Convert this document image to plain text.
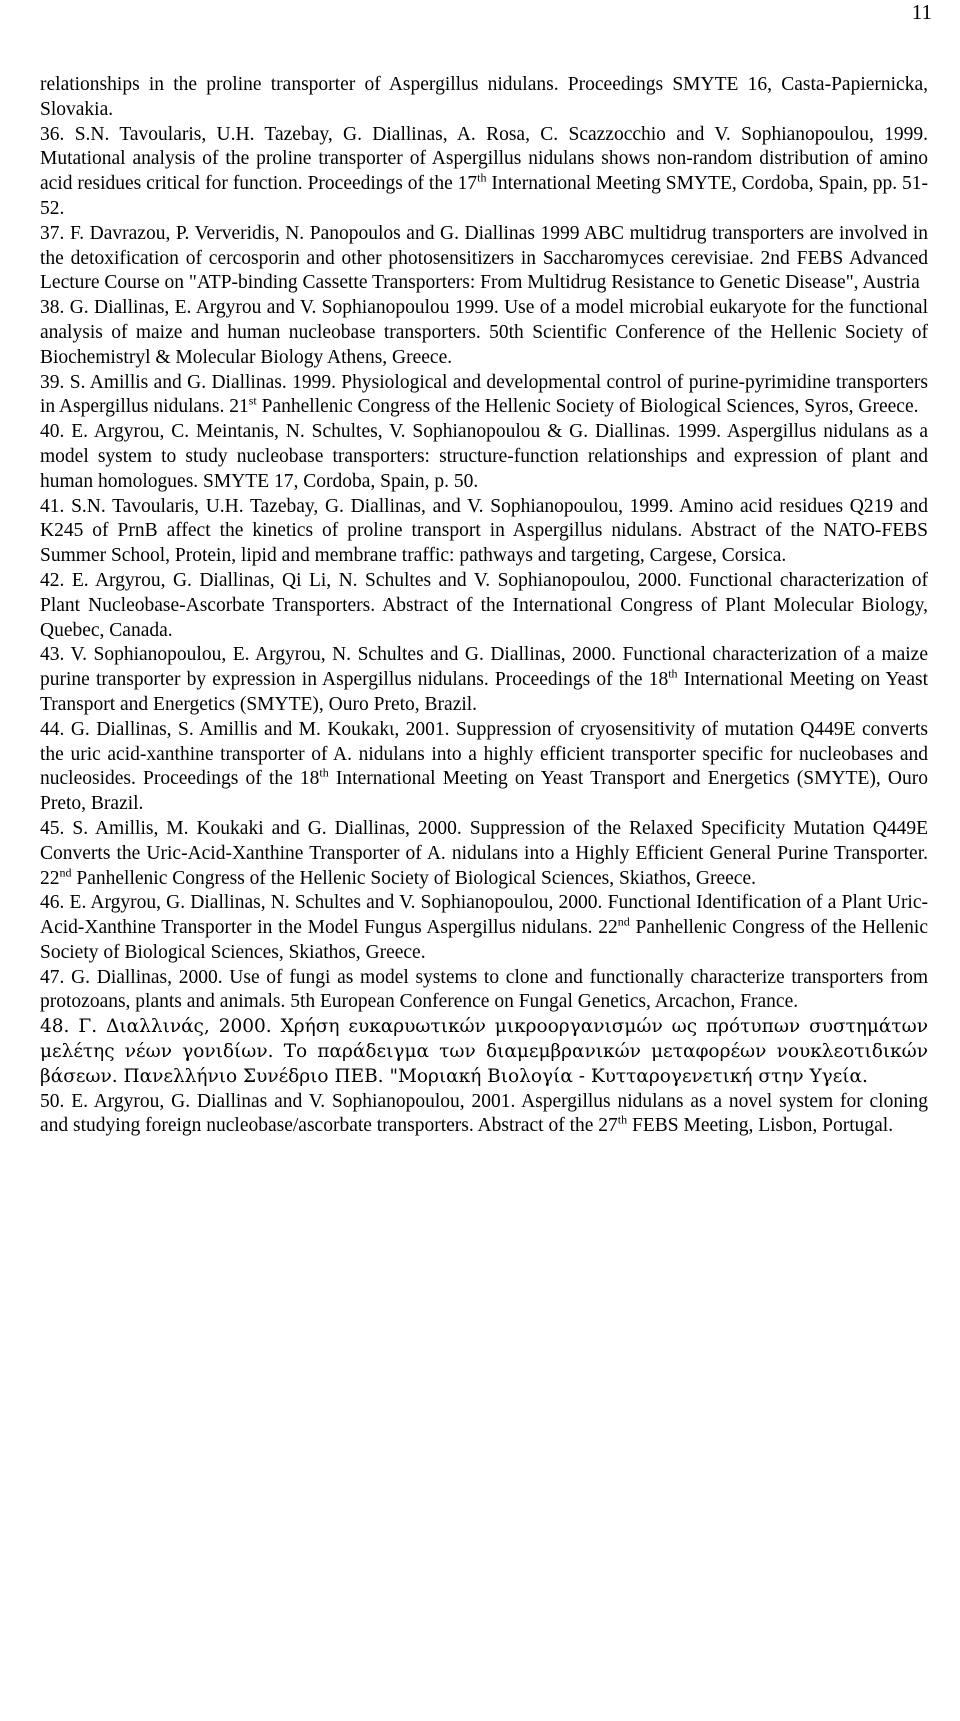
11

relationships in the proline transporter of Aspergillus nidulans. Proceedings SMYTE 16, Casta-Papiernicka, Slovakia.

36. S.N. Tavoularis, U.H. Tazebay, G. Diallinas, A. Rosa, C. Scazzocchio and V. Sophianopoulou, 1999. Mutational analysis of the proline transporter of Aspergillus nidulans shows non-random distribution of amino acid residues critical for function. Proceedings of the 17th International Meeting SMYTE, Cordoba, Spain, pp. 51-52.

37. F. Davrazou, P. Ververidis, N. Panopoulos and G. Diallinas 1999 ABC multidrug transporters are involved in the detoxification of cercosporin and other photosensitizers in Saccharomyces cerevisiae. 2nd FEBS Advanced Lecture Course on "ATP-binding Cassette Transporters: From Multidrug Resistance to Genetic Disease", Austria

38. G. Diallinas, E. Argyrou and V. Sophianopoulou 1999. Use of a model microbial eukaryote for the functional analysis of maize and human nucleobase transporters. 50th Scientific Conference of the Hellenic Society of Biochemistryl & Molecular Biology Athens, Greece.

39. S. Amillis and G. Diallinas. 1999. Physiological and developmental control of purine-pyrimidine transporters in Aspergillus nidulans. 21st Panhellenic Congress of the Hellenic Society of Biological Sciences, Syros, Greece.

40. E. Argyrou, C. Meintanis, N. Schultes, V. Sophianopoulou & G. Diallinas. 1999. Aspergillus nidulans as a model system to study nucleobase transporters: structure-function relationships and expression of plant and human homologues. SMYTE 17, Cordoba, Spain, p. 50.

41. S.N. Tavoularis, U.H. Tazebay, G. Diallinas, and V. Sophianopoulou, 1999. Amino acid residues Q219 and K245 of PrnB affect the kinetics of proline transport in Aspergillus nidulans. Abstract of the NATO-FEBS Summer School, Protein, lipid and membrane traffic: pathways and targeting, Cargese, Corsica.

42. E. Argyrou, G. Diallinas, Qi Li, N. Schultes and V. Sophianopoulou, 2000. Functional characterization of Plant Nucleobase-Ascorbate Transporters. Abstract of the International Congress of Plant Molecular Biology, Quebec, Canada.

43. V. Sophianopoulou, E. Argyrou, N. Schultes and G. Diallinas, 2000. Functional characterization of a maize purine transporter by expression in Aspergillus nidulans. Proceedings of the 18th International Meeting on Yeast Transport and Energetics (SMYTE), Ouro Preto, Brazil.

44. G. Diallinas, S. Amillis and M. Koukakι, 2001. Suppression of cryosensitivity of mutation Q449E converts the uric acid-xanthine transporter of A. nidulans into a highly efficient transporter specific for nucleobases and nucleosides. Proceedings of the 18th International Meeting on Yeast Transport and Energetics (SMYTE), Ouro Preto, Brazil.

45. S. Amillis, M. Koukaki and G. Diallinas, 2000. Suppression of the Relaxed Specificity Mutation Q449E Converts the Uric-Acid-Xanthine Transporter of A. nidulans into a Highly Efficient General Purine Transporter. 22nd Panhellenic Congress of the Hellenic Society of Biological Sciences, Skiathos, Greece.

46. E. Argyrou, G. Diallinas, N. Schultes and V. Sophianopoulou, 2000. Functional Identification of a Plant Uric-Acid-Xanthine Transporter in the Model Fungus Aspergillus nidulans. 22nd Panhellenic Congress of the Hellenic Society of Biological Sciences, Skiathos, Greece.

47. G. Diallinas, 2000. Use of fungi as model systems to clone and functionally characterize transporters from protozoans, plants and animals. 5th European Conference on Fungal Genetics, Arcachon, France.

48. Γ. Διαλλινάς, 2000. Χρήση ευκαρυωτικών μικροοργανισμών ως πρότυπων συστημάτων μελέτης νέων γονιδίων. Το παράδειγμα των διαμεμβρανικών μεταφορέων νουκλεοτιδικών βάσεων. Πανελλήνιο Συνέδριο ΠΕΒ. "Μοριακή Βιολογία - Κυτταρογενετική στην Υγεία.

50. E. Argyrou, G. Diallinas and V. Sophianopoulou, 2001. Aspergillus nidulans as a novel system for cloning and studying foreign nucleobase/ascorbate transporters. Abstract of the 27th FEBS Meeting, Lisbon, Portugal.
